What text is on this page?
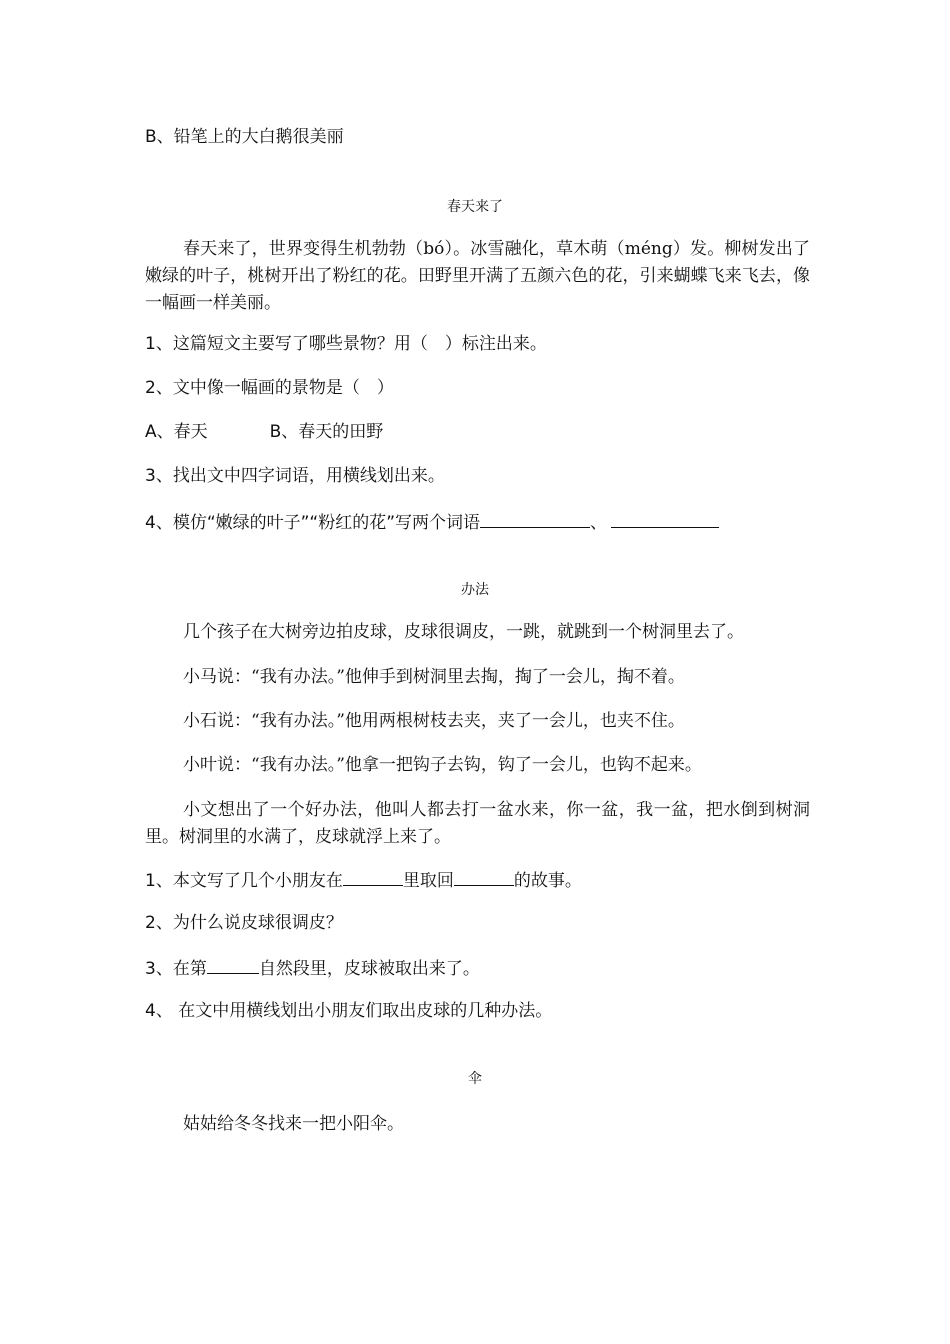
B、铅笔上的大白鹅很美丽
春天来了
春天来了，世界变得生机勃勃（bó）。冰雪融化，草木萌（méng）发。柳树发出了嫩绿的叶子，桃树开出了粉红的花。田野里开满了五颜六色的花，引来蝴蝶飞来飞去，像一幅画一样美丽。
1、这篇短文主要写了哪些景物？用（　）标注出来。
2、文中像一幅画的景物是（　）
A、春天	B、春天的田野
3、找出文中四字词语，用横线划出来。
4、模仿“嫩绿的叶子”“粉红的花”写两个词语	、
办法
几个孩子在大树旁边拍皮球，皮球很调皮，一跳，就跳到一个树洞里去了。
小马说：“我有办法。”他伸手到树洞里去掏，掏了一会儿，掏不着。
小石说：“我有办法。”他用两根树枝去夹，夹了一会儿，也夹不住。
小叶说：“我有办法。”他拿一把钩子去钩，钩了一会儿，也钩不起来。
小文想出了一个好办法，他叫人都去打一盆水来，你一盆，我一盆，把水倒到树洞里。树洞里的水满了，皮球就浮上来了。
1、本文写了几个小朋友在	里取回	的故事。
2、为什么说皮球很调皮？
3、在第	自然段里，皮球被取出来了。
4、 在文中用横线划出小朋友们取出皮球的几种办法。
伞
姑姑给冬冬找来一把小阳伞。
